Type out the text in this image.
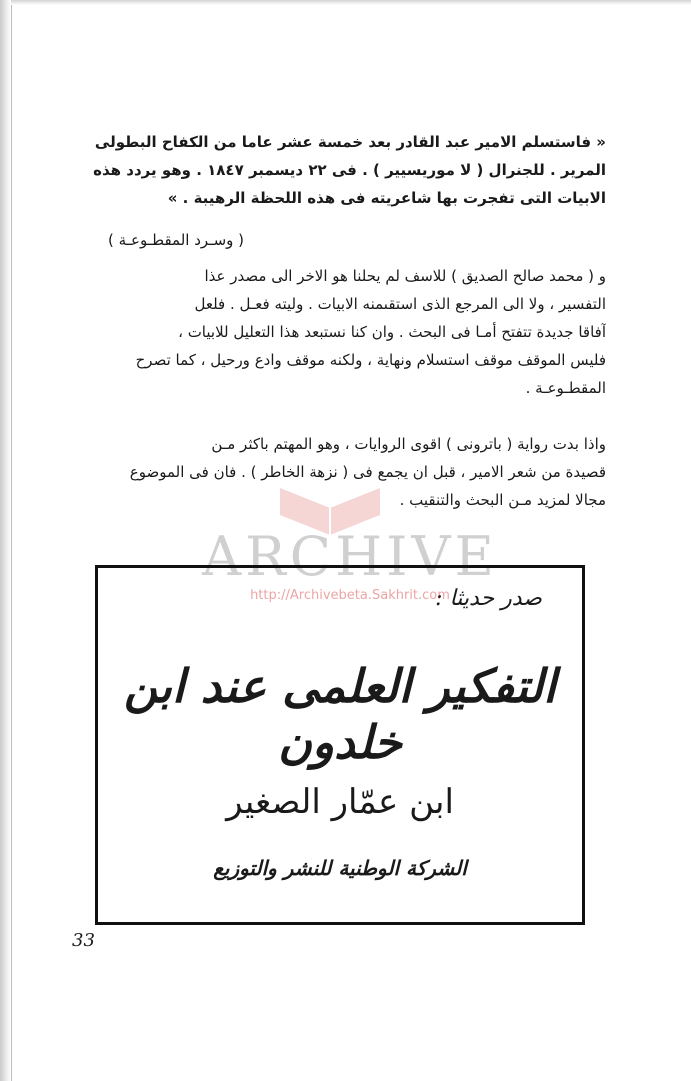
« فاستسلم الامير عبد القادر بعد خمسة عشر عاما من الكفاح البطولى
المرير . للجنرال ( لا موريسيير ) . فى ٢٢ ديسمبر ١٨٤٧ . وهو يردد هذه
الابيات التى تفجرت بها شاعريته فى هذه اللحظة الرهيبة . »
( وسـرد المقطـوعـة )
و ( محمد صالح الصديق ) للاسف لم يحلنا هو الاخر الى مصدر عذا
التفسير ، ولا الى المرجع الذى استقىمنه الابيات . وليته فعـل . فلعل
آفاقا جديدة تتفتح أمـا فى البحث . وان كنا نستبعد هذا التعليل للابيات ،
فليس الموقف موقف استسلام ونهاية ، ولكنه موقف وادع ورحيل ، كما تصرح
المقطـوعـة .
واذا بدت رواية ( باترونى ) اقوى الروايات ، وهو المهتم باكثر مـن
قصيدة من شعر الامير ، قبل ان يجمع فى ( نزهة الخاطر ) . فان فى الموضوع
مجالا لمزيد مـن البحث والتنقيب .
ARCHIVE
http://Archivebeta.Sakhrit.com
صدر حديثا :
التفكير العلمى عند ابن خلدون
ابن عمّار الصغير
الشركة الوطنية للنشر والتوزيع
33
